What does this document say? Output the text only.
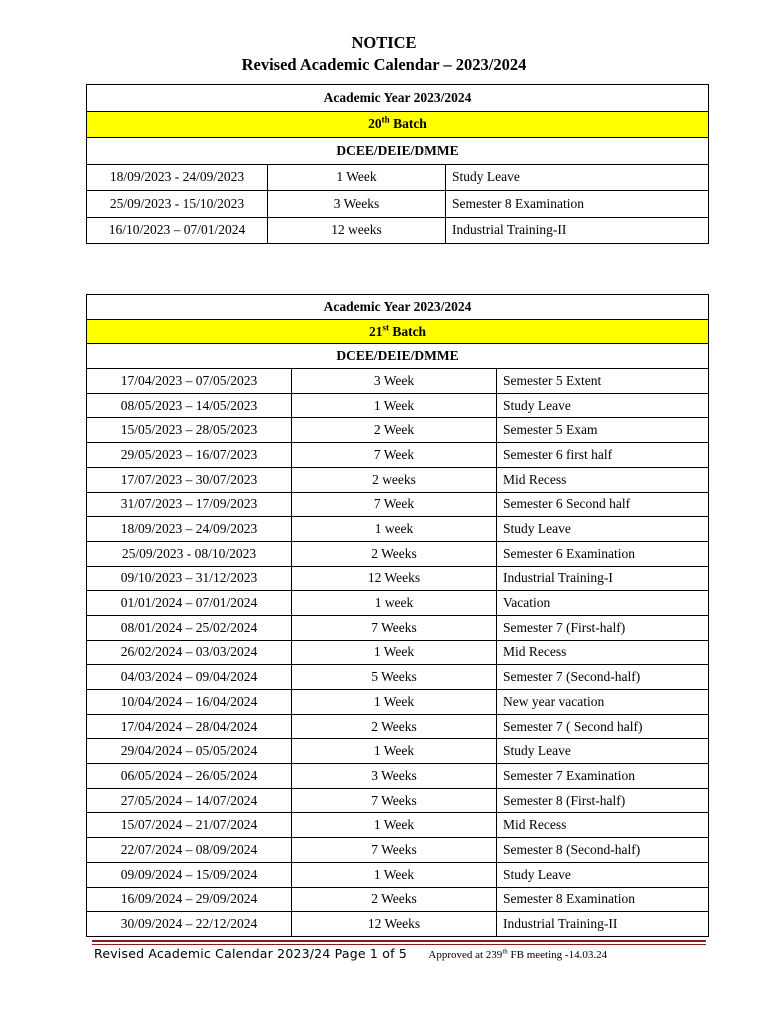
NOTICE
Revised Academic Calendar – 2023/2024
Academic Year 2023/2024		
20th Batch		
DCEE/DEIE/DMME		
18/09/2023 - 24/09/2023	1 Week	Study Leave
25/09/2023 - 15/10/2023	3 Weeks	Semester 8 Examination
16/10/2023 – 07/01/2024	12 weeks	Industrial Training-II
Academic Year 2023/2024		
21st Batch		
DCEE/DEIE/DMME		
17/04/2023 – 07/05/2023	3 Week	Semester 5 Extent
08/05/2023 – 14/05/2023	1 Week	Study Leave
15/05/2023 – 28/05/2023	2 Week	Semester 5 Exam
29/05/2023 – 16/07/2023	7 Week	Semester 6 first half
17/07/2023 – 30/07/2023	2 weeks	Mid Recess
31/07/2023 – 17/09/2023	7 Week	Semester 6 Second half
18/09/2023 – 24/09/2023	1 week	Study Leave
25/09/2023 - 08/10/2023	2 Weeks	Semester 6 Examination
09/10/2023 – 31/12/2023	12 Weeks	Industrial Training-I
01/01/2024 – 07/01/2024	1 week	Vacation
08/01/2024 – 25/02/2024	7 Weeks	Semester 7 (First-half)
26/02/2024 – 03/03/2024	1 Week	Mid Recess
04/03/2024 – 09/04/2024	5 Weeks	Semester 7 (Second-half)
10/04/2024 – 16/04/2024	1 Week	New year vacation
17/04/2024 – 28/04/2024	2 Weeks	Semester 7 ( Second half)
29/04/2024 – 05/05/2024	1 Week	Study Leave
06/05/2024 – 26/05/2024	3 Weeks	Semester 7 Examination
27/05/2024 – 14/07/2024	7 Weeks	Semester 8 (First-half)
15/07/2024 – 21/07/2024	1 Week	Mid Recess
22/07/2024 – 08/09/2024	7 Weeks	Semester 8 (Second-half)
09/09/2024 – 15/09/2024	1 Week	Study Leave
16/09/2024 – 29/09/2024	2 Weeks	Semester 8 Examination
30/09/2024 – 22/12/2024	12 Weeks	Industrial Training-II
Revised Academic Calendar 2023/24 Page 1 of 5 Approved at 239th FB meeting -14.03.24
